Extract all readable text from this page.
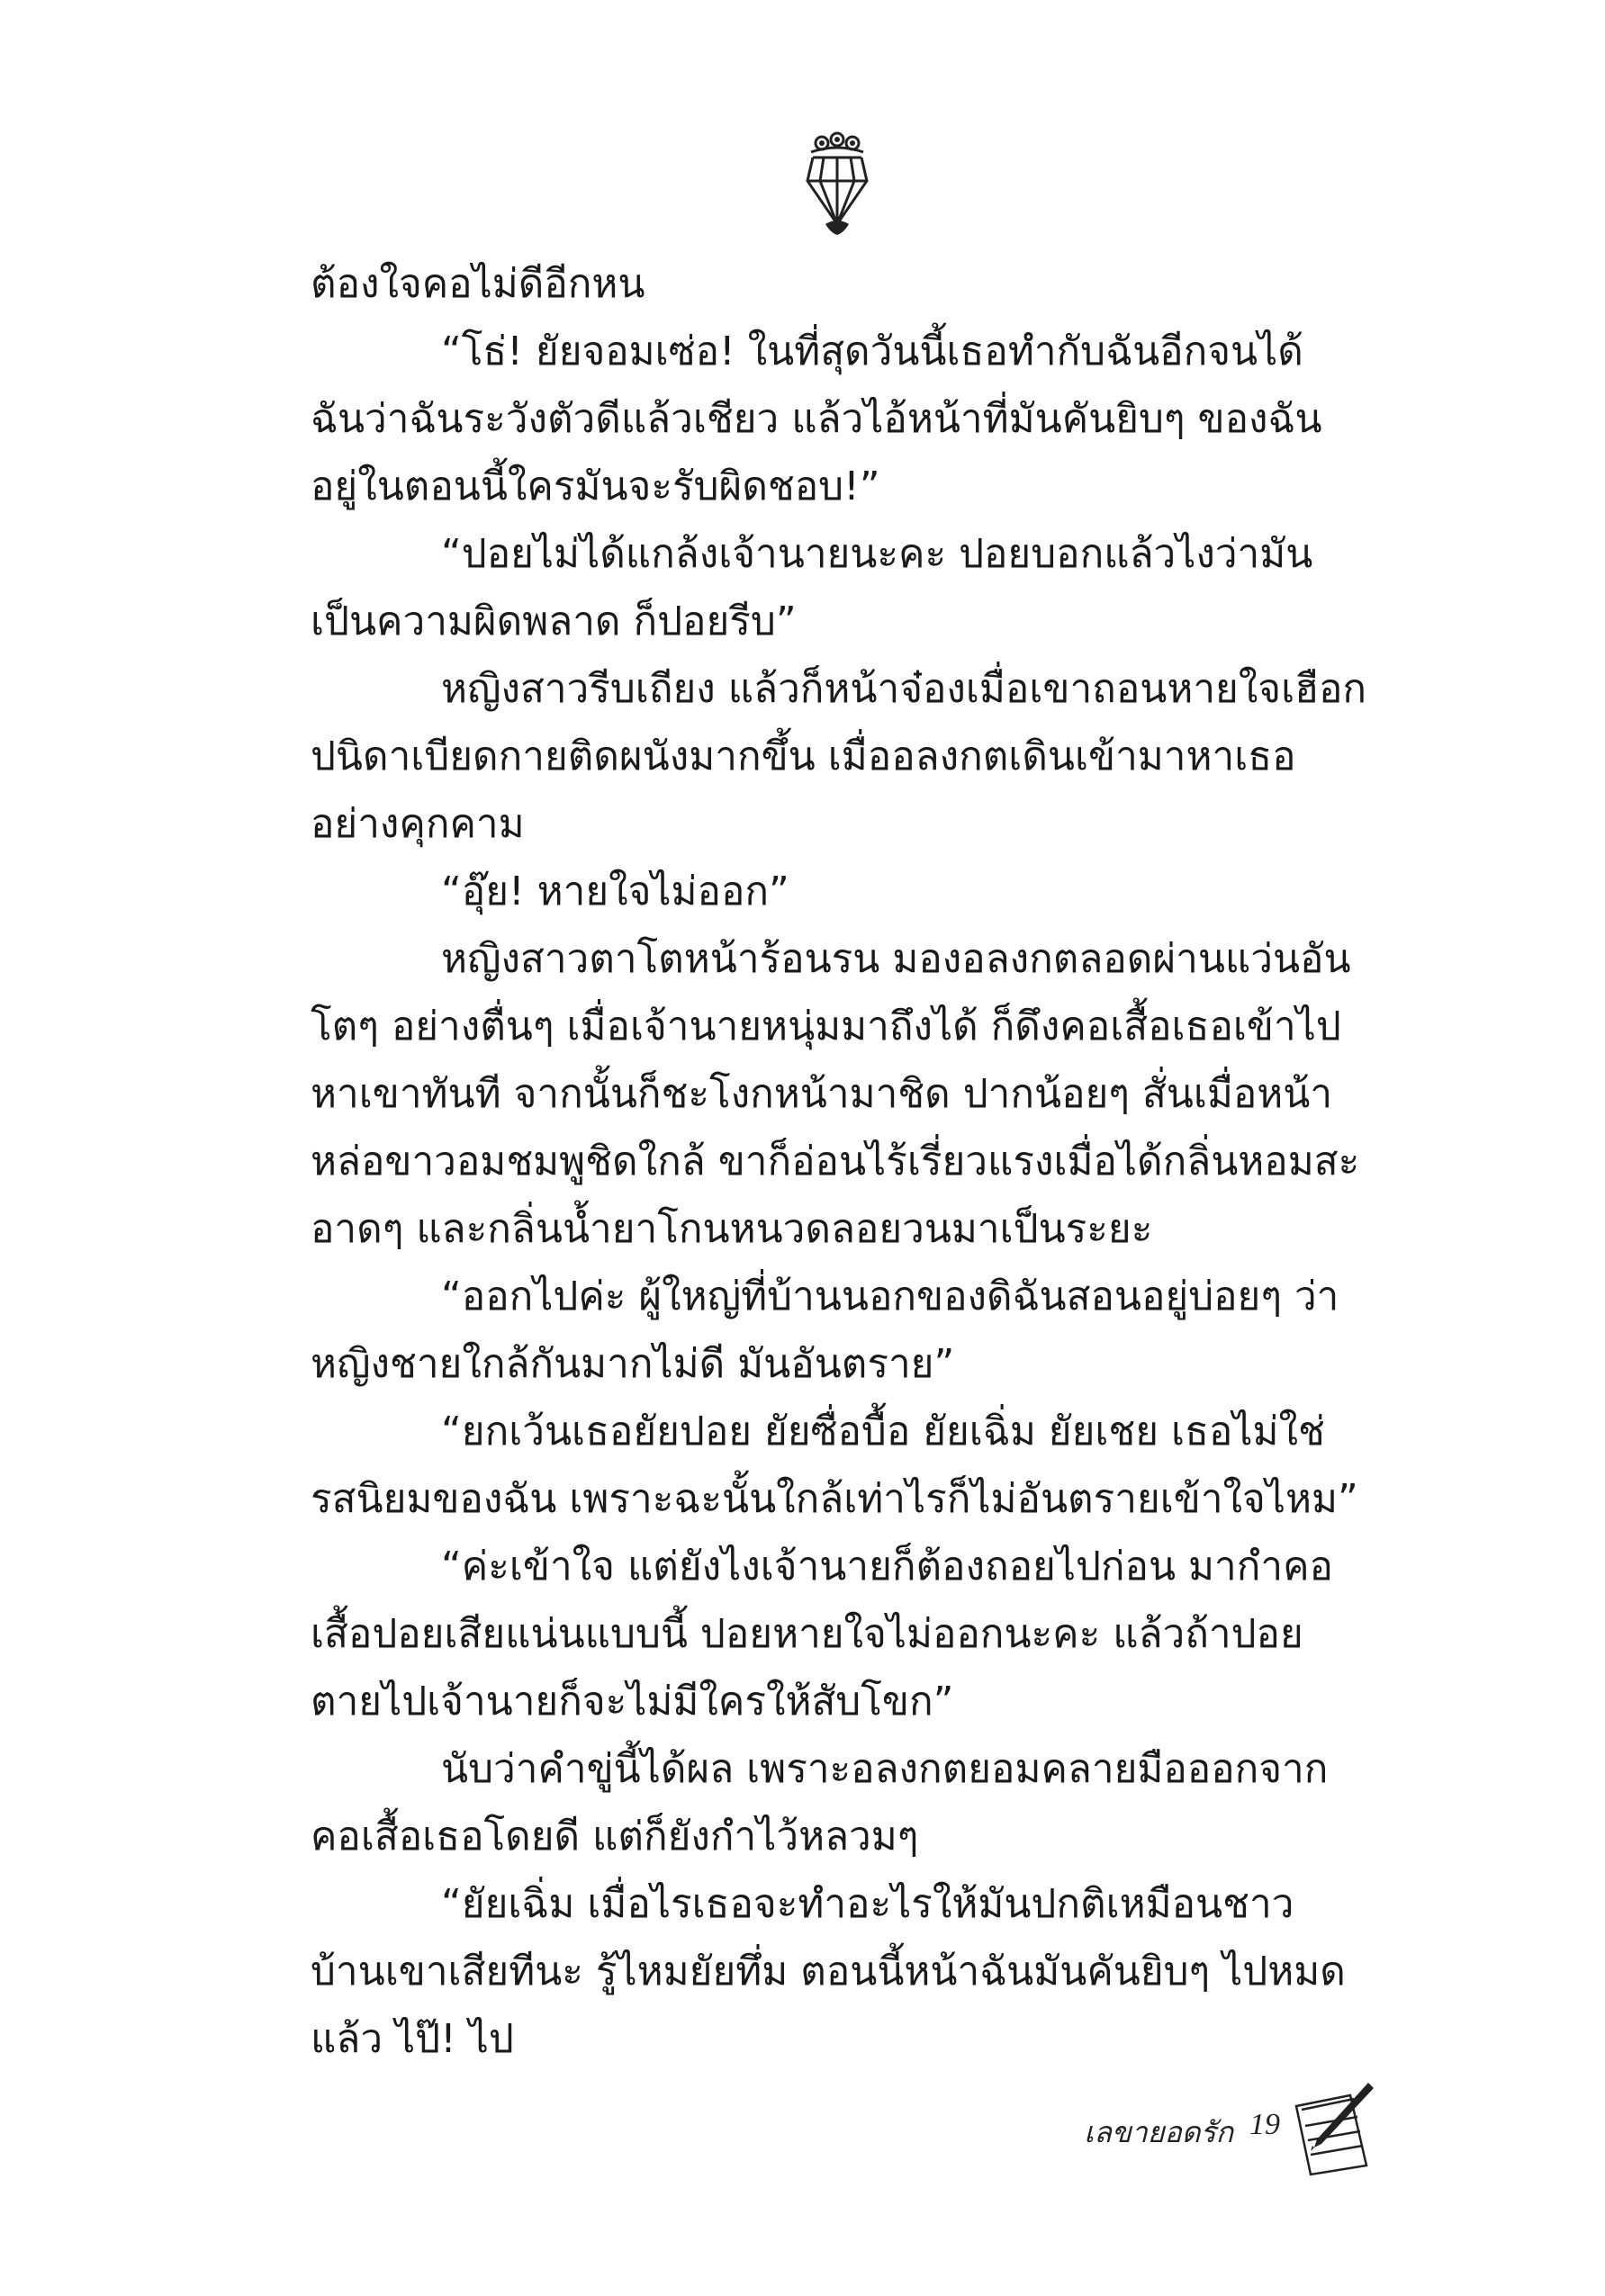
ต้องใจคอไม่ดีอีกหน

“โธ่! ยัยจอมเซ่อ! ในที่สุดวันนี้เธอทำกับฉันอีกจนได้ ฉันว่าฉันระวังตัวดีแล้วเชียว แล้วไอ้หน้าที่มันคันยิบๆ ของฉันอยู่ในตอนนี้ใครมันจะรับผิดชอบ!”

“ปอยไม่ได้แกล้งเจ้านายนะคะ ปอยบอกแล้วไงว่ามันเป็นความผิดพลาด ก็ปอยรีบ”

หญิงสาวรีบเถียง แล้วก็หน้าจ๋องเมื่อเขาถอนหายใจเฮือก ปนิดาเบียดกายติดผนังมากขึ้น เมื่ออลงกตเดินเข้ามาหาเธออย่างคุกคาม

“อุ๊ย! หายใจไม่ออก”

หญิงสาวตาโตหน้าร้อนรน มองอลงกตลอดผ่านแว่นอันโตๆ อย่างตื่นๆ เมื่อเจ้านายหนุ่มมาถึงได้ ก็ดึงคอเสื้อเธอเข้าไปหาเขาทันที จากนั้นก็ชะโงกหน้ามาชิด ปากน้อยๆ สั่นเมื่อหน้าหล่อขาวอมชมพูชิดใกล้ ขาก็อ่อนไร้เรี่ยวแรงเมื่อได้กลิ่นหอมสะอาดๆ และกลิ่นน้ำยาโกนหนวดลอยวนมาเป็นระยะ

“ออกไปค่ะ ผู้ใหญ่ที่บ้านนอกของดิฉันสอนอยู่บ่อยๆ ว่าหญิงชายใกล้กันมากไม่ดี มันอันตราย”

“ยกเว้นเธอยัยปอย ยัยซื่อบื้อ ยัยเฉิ่ม ยัยเชย เธอไม่ใช่รสนิยมของฉัน เพราะฉะนั้นใกล้เท่าไรก็ไม่อันตรายเข้าใจไหม”

“ค่ะเข้าใจ แต่ยังไงเจ้านายก็ต้องถอยไปก่อน มากำคอเสื้อปอยเสียแน่นแบบนี้ ปอยหายใจไม่ออกนะคะ แล้วถ้าปอยตายไปเจ้านายก็จะไม่มีใครให้สับโขก”

นับว่าคำขู่นี้ได้ผล เพราะอลงกตยอมคลายมือออกจากคอเสื้อเธอโดยดี แต่ก็ยังกำไว้หลวมๆ

“ยัยเฉิ่ม เมื่อไรเธอจะทำอะไรให้มันปกติเหมือนชาวบ้านเขาเสียทีนะ รู้ไหมยัยทึ่ม ตอนนี้หน้าฉันมันคันยิบๆ ไปหมดแล้ว ไป๊! ไป

เลขายอดรัก 19
